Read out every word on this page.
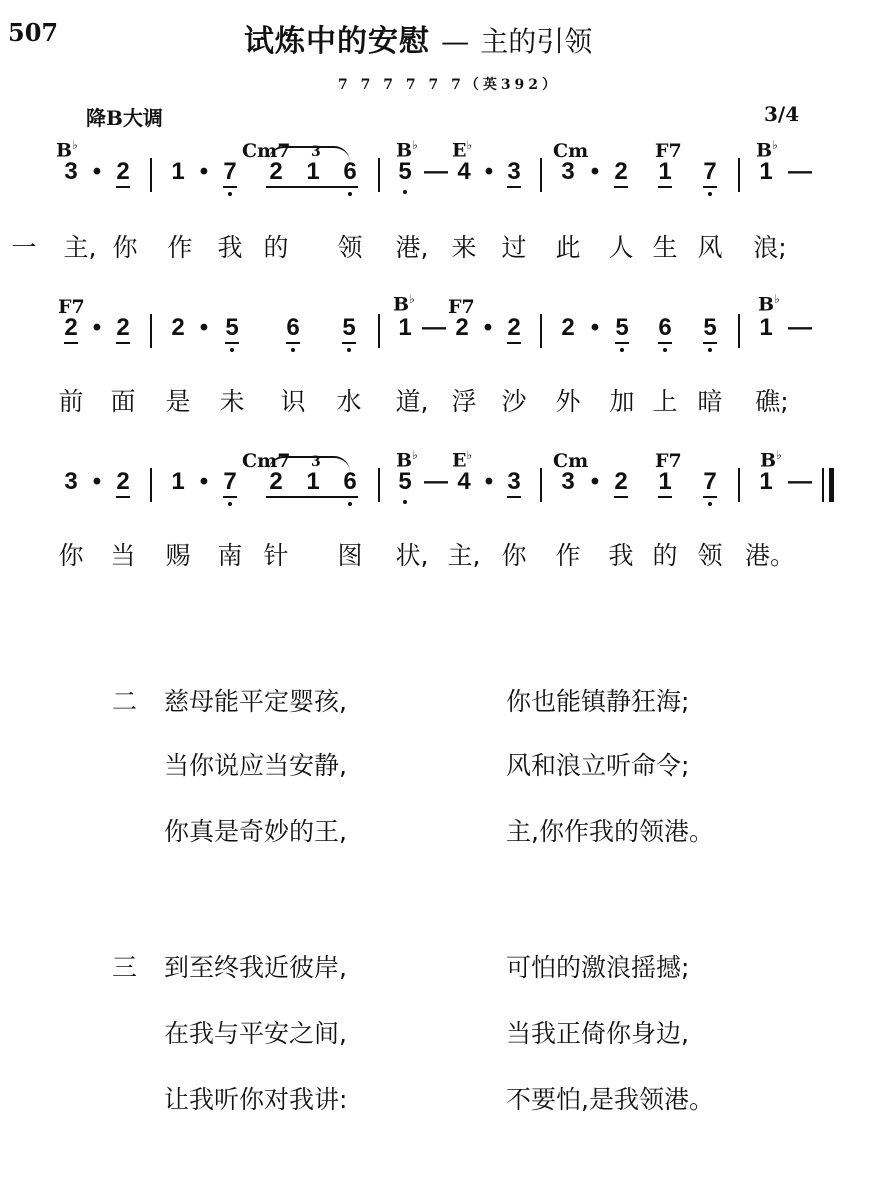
507	试炼中的安慰 — 主的引领
7 7 7 7 7 7（英392）
降B大调	3/4
B♭	Cm7 3	B♭ E♭	Cm	F7	B♭
3 • 2 1 • 7 2 1 6 5 — 4 • 3 3 • 2 1 7 1 —
一 主, 你 作 我 的 领 港, 来 过 此 人 生 风 浪;
F7	B♭ F7	B♭
2 • 2 2 • 5 6 5 1 — 2 • 2 2 • 5 6 5 1 —
前 面 是 未 识 水 道, 浮 沙 外 加 上 暗 礁;
Cm7 3	B♭ E♭	Cm	F7	B♭
3 • 2 1 • 7 2 1 6 5 — 4 • 3 3 • 2 1 7 1 —
你 当 赐 南 针 图 状, 主, 你 作 我 的 领 港。
二 慈母能平定婴孩,	你也能镇静狂海;
当你说应当安静,	风和浪立听命令;
你真是奇妙的王,	主,你作我的领港。
三 到至终我近彼岸,	可怕的激浪摇撼;
在我与平安之间,	当我正倚你身边,
让我听你对我讲:	不要怕,是我领港。
